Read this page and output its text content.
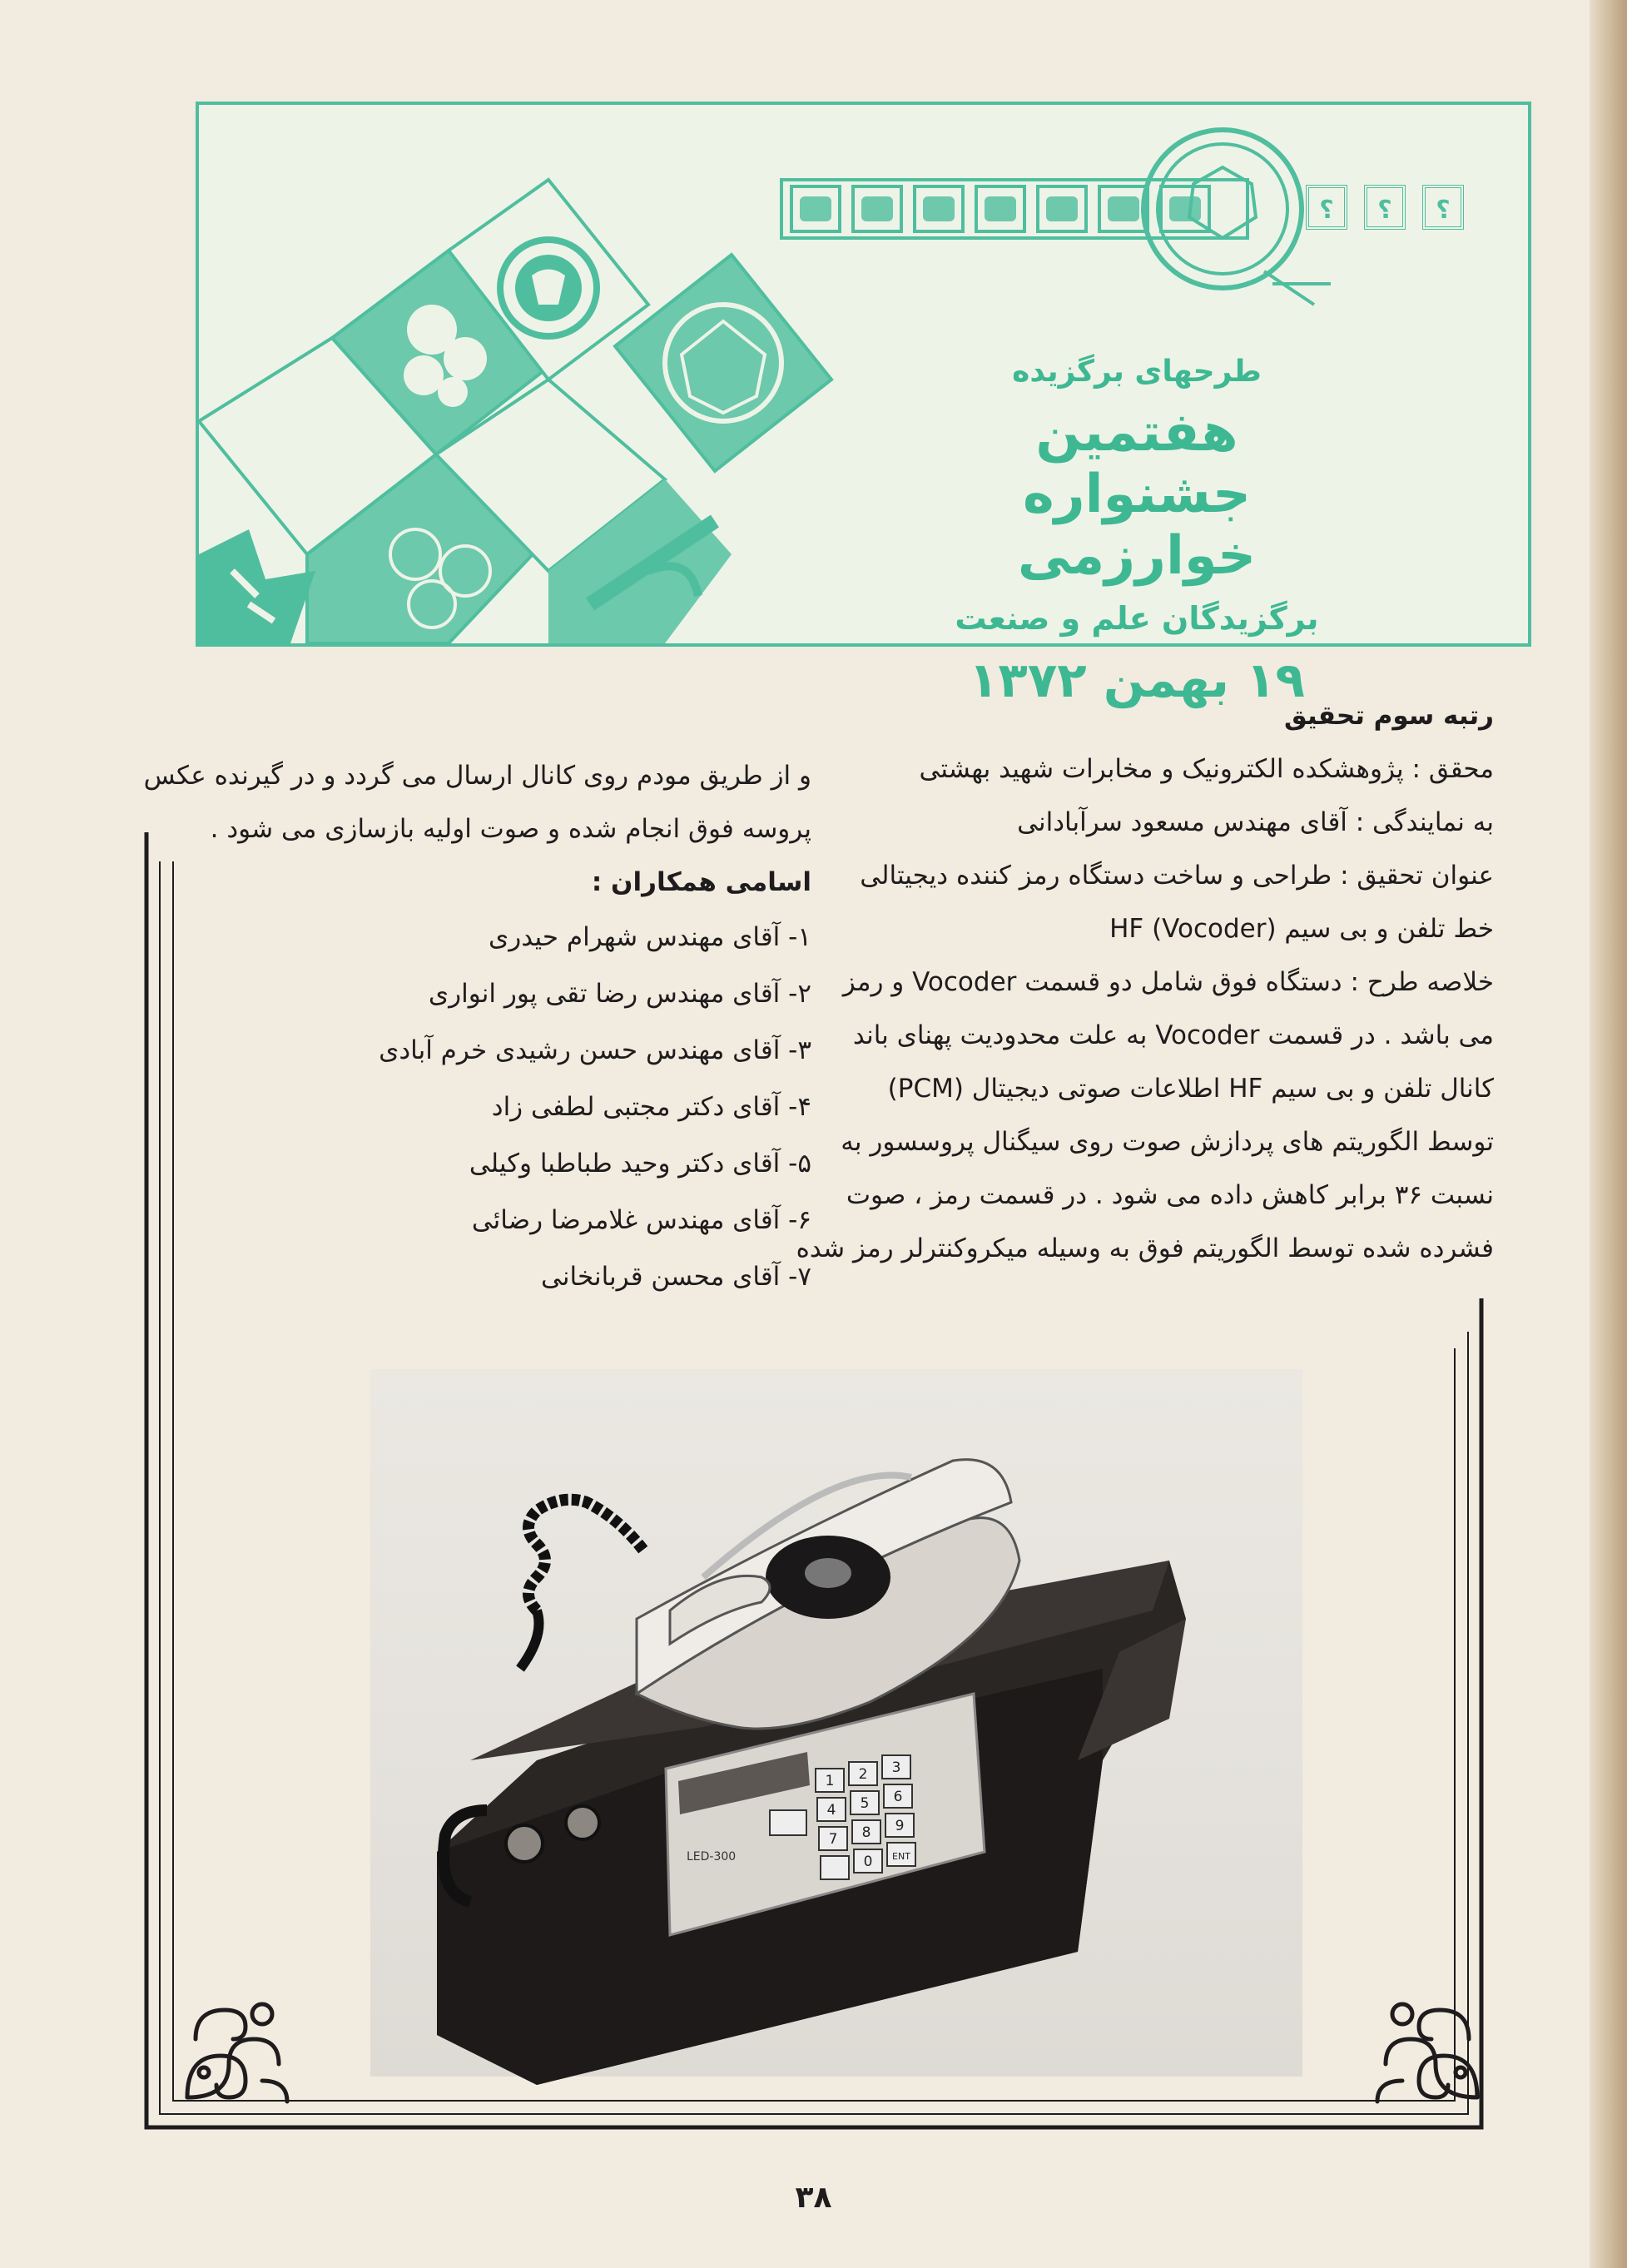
؟
؟
؟
طرحهای برگزیده
هفتمین جشنواره خوارزمی
برگزیدگان علم و صنعت
۱۹ بهمن ۱۳۷۲

رتبه سوم تحقیق

محقق : پژوهشکده الکترونیک و مخابرات شهید بهشتی

به نمایندگی : آقای مهندس مسعود سرآبادانی

عنوان تحقیق : طراحی و ساخت دستگاه رمز کننده دیجیتالی

خط تلفن و بی سیم HF (Vocoder)

خلاصه طرح : دستگاه فوق شامل دو قسمت Vocoder و رمز

می باشد . در قسمت Vocoder به علت محدودیت پهنای باند

کانال تلفن و بی سیم HF اطلاعات صوتی دیجیتال (PCM)

توسط الگوریتم های پردازش صوت روی سیگنال پروسسور به

نسبت ۳۶ برابر کاهش داده می شود . در قسمت رمز ، صوت

فشرده شده توسط الگوریتم فوق به وسیله میکروکنترلر رمز شده

و از طریق مودم روی کانال ارسال می گردد و در گیرنده عکس

پروسه فوق انجام شده و صوت اولیه بازسازی می شود .

اسامی همکاران :

۱- آقای مهندس شهرام حیدری

۲- آقای مهندس رضا تقی پور انواری

۳- آقای مهندس حسن رشیدی خرم آبادی

۴- آقای دکتر مجتبی لطفی زاد

۵- آقای دکتر وحید طباطبا وکیلی

۶- آقای مهندس غلامرضا رضائی

۷- آقای محسن قربانخانی

LED-300
1 2 3
4 5 6
7 8 9
0 ENT
۳۸
